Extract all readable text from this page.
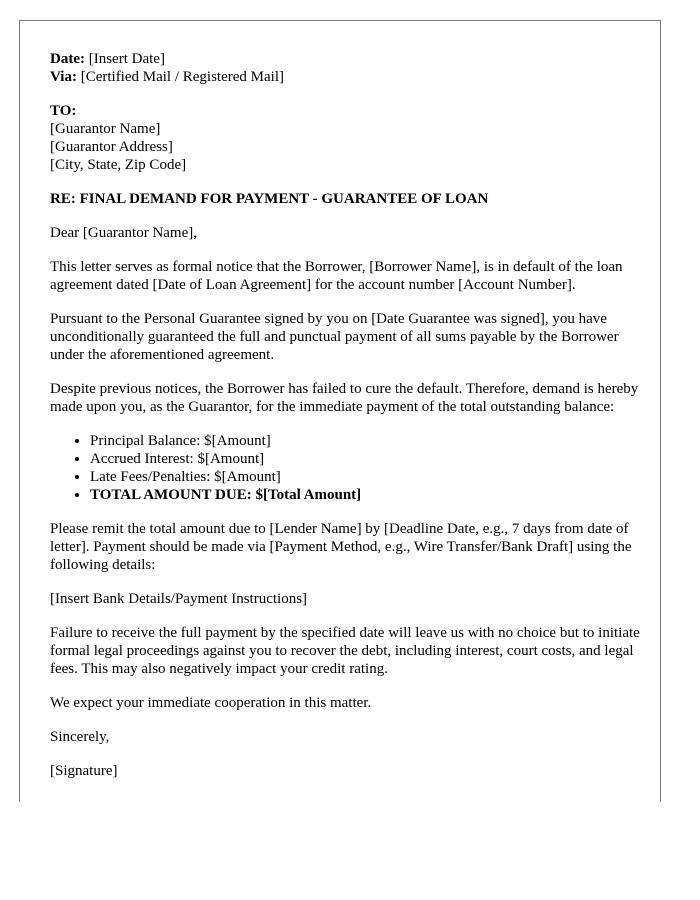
Date: [Insert Date]

Via: [Certified Mail / Registered Mail]

TO:

[Guarantor Name]

[Guarantor Address]

[City, State, Zip Code]

RE: FINAL DEMAND FOR PAYMENT - GUARANTEE OF LOAN

Dear [Guarantor Name],

This letter serves as formal notice that the Borrower, [Borrower Name], is in default of the loan agreement dated [Date of Loan Agreement] for the account number [Account Number].

Pursuant to the Personal Guarantee signed by you on [Date Guarantee was signed], you have unconditionally guaranteed the full and punctual payment of all sums payable by the Borrower under the aforementioned agreement.

Despite previous notices, the Borrower has failed to cure the default. Therefore, demand is hereby made upon you, as the Guarantor, for the immediate payment of the total outstanding balance:

• Principal Balance: $[Amount]
• Accrued Interest: $[Amount]
• Late Fees/Penalties: $[Amount]
• TOTAL AMOUNT DUE: $[Total Amount]

Please remit the total amount due to [Lender Name] by [Deadline Date, e.g., 7 days from date of letter]. Payment should be made via [Payment Method, e.g., Wire Transfer/Bank Draft] using the following details:

[Insert Bank Details/Payment Instructions]

Failure to receive the full payment by the specified date will leave us with no choice but to initiate formal legal proceedings against you to recover the debt, including interest, court costs, and legal fees. This may also negatively impact your credit rating.

We expect your immediate cooperation in this matter.

Sincerely,

[Signature]
